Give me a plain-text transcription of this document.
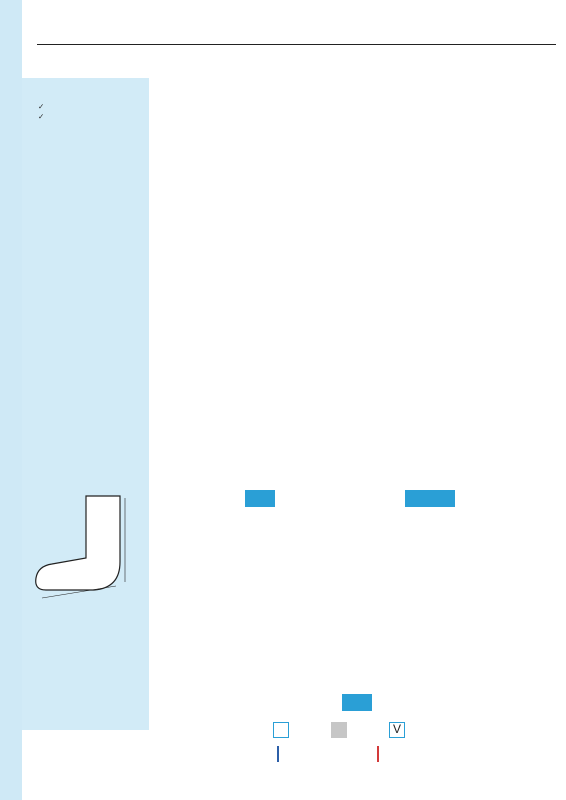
✓
✓
V
